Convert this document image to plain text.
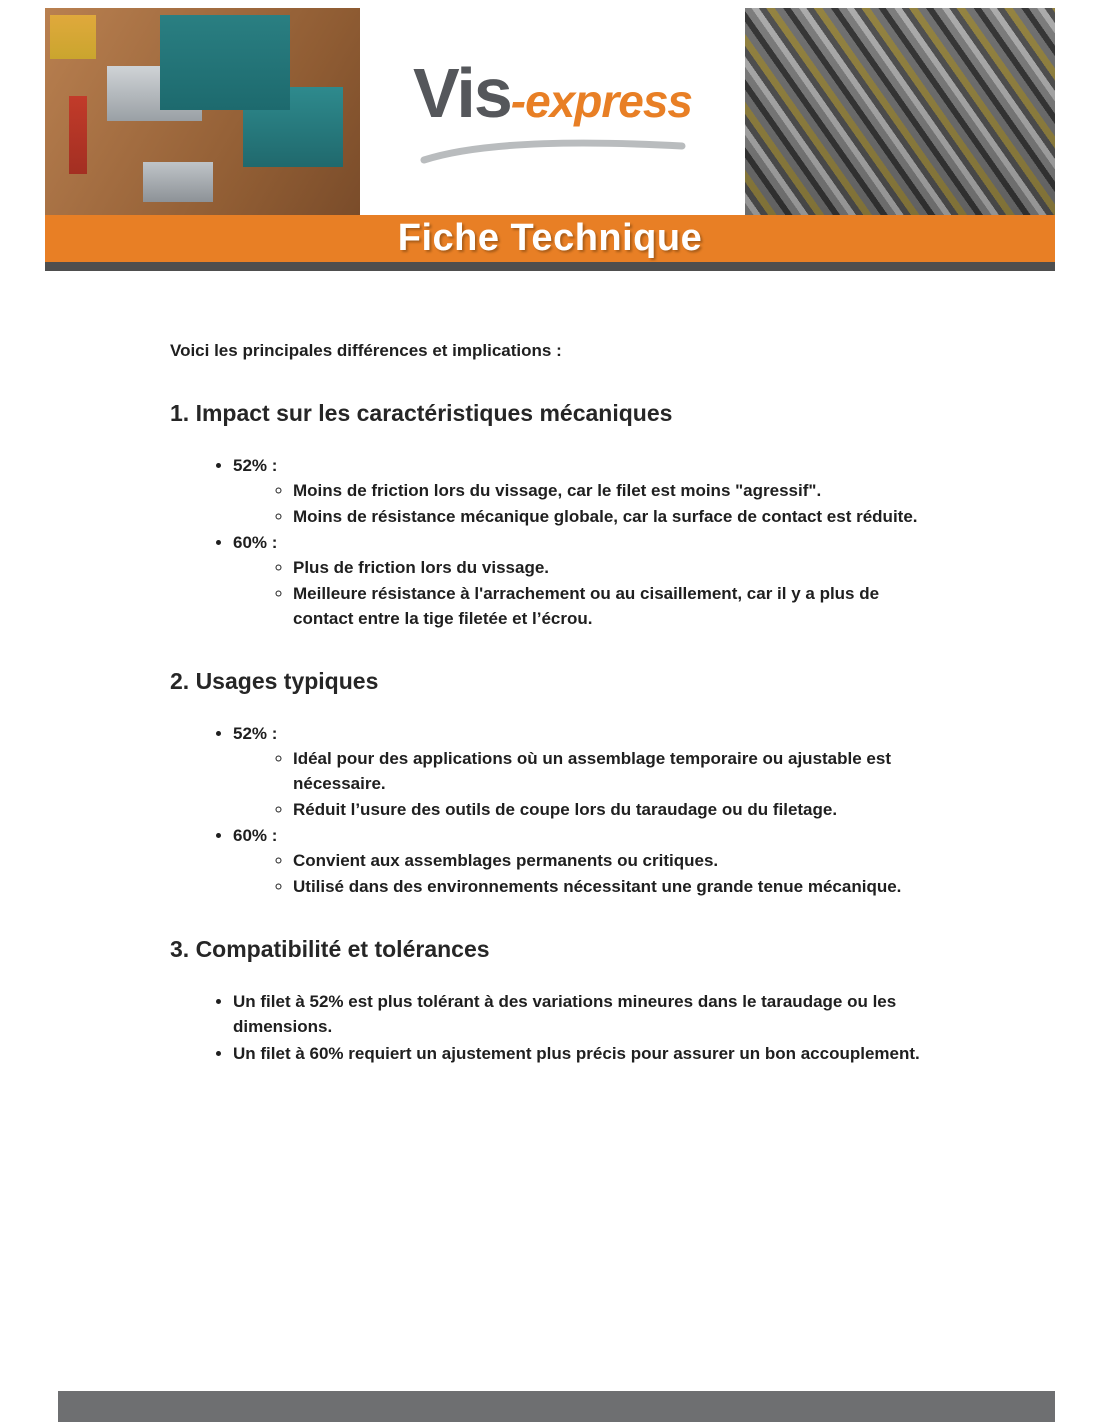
Vis-express
Fiche Technique

Voici les principales différences et implications :

1. Impact sur les caractéristiques mécaniques
• 52% :
◦ Moins de friction lors du vissage, car le filet est moins "agressif".
◦ Moins de résistance mécanique globale, car la surface de contact est réduite.
• 60% :
◦ Plus de friction lors du vissage.
◦ Meilleure résistance à l'arrachement ou au cisaillement, car il y a plus de contact entre la tige filetée et l’écrou.
2. Usages typiques
• 52% :
◦ Idéal pour des applications où un assemblage temporaire ou ajustable est nécessaire.
◦ Réduit l’usure des outils de coupe lors du taraudage ou du filetage.
• 60% :
◦ Convient aux assemblages permanents ou critiques.
◦ Utilisé dans des environnements nécessitant une grande tenue mécanique.
3. Compatibilité et tolérances
• Un filet à 52% est plus tolérant à des variations mineures dans le taraudage ou les dimensions.
• Un filet à 60% requiert un ajustement plus précis pour assurer un bon accouplement.
